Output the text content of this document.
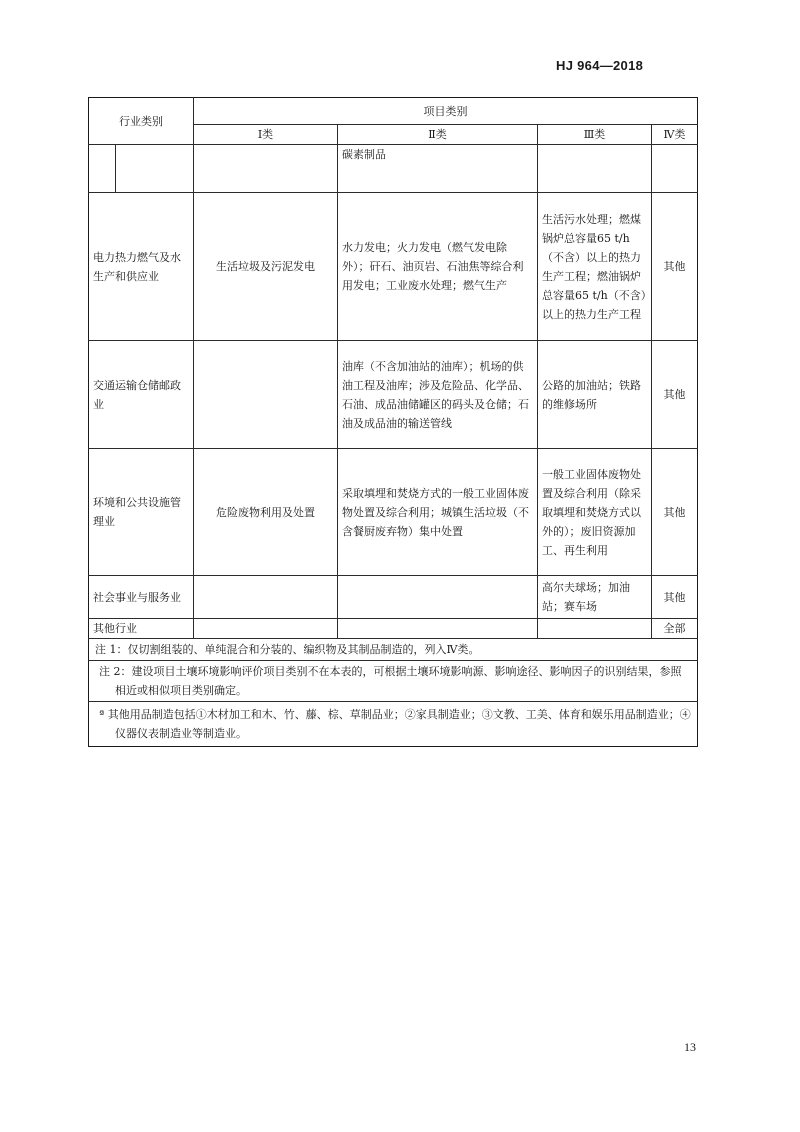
HJ 964—2018
行业类别		项目类别			
		Ⅰ类	Ⅱ类	Ⅲ类	Ⅳ类
			碳素制品		
电力热力燃气及水生产和供应业		生活垃圾及污泥发电	水力发电；火力发电（燃气发电除外）；矸石、油页岩、石油焦等综合利用发电；工业废水处理；燃气生产	生活污水处理；燃煤锅炉总容量65 t/h（不含）以上的热力生产工程；燃油锅炉总容量65 t/h（不含）以上的热力生产工程	其他
交通运输仓储邮政业			油库（不含加油站的油库）；机场的供油工程及油库；涉及危险品、化学品、石油、成品油储罐区的码头及仓储；石油及成品油的输送管线	公路的加油站；铁路的维修场所	其他
环境和公共设施管理业		危险废物利用及处置	采取填埋和焚烧方式的一般工业固体废物处置及综合利用；城镇生活垃圾（不含餐厨废弃物）集中处置	一般工业固体废物处置及综合利用（除采取填埋和焚烧方式以外的）；废旧资源加工、再生利用	其他
社会事业与服务业				高尔夫球场；加油站；赛车场	其他
其他行业					全部
注 1：仅切割组装的、单纯混合和分装的、编织物及其制品制造的，列入Ⅳ类。					
注 2：建设项目土壤环境影响评价项目类别不在本表的，可根据土壤环境影响源、影响途径、影响因子的识别结果，参照相近或相似项目类别确定。					
ª 其他用品制造包括①木材加工和木、竹、藤、棕、草制品业；②家具制造业；③文教、工美、体育和娱乐用品制造业；④仪器仪表制造业等制造业。					
13
